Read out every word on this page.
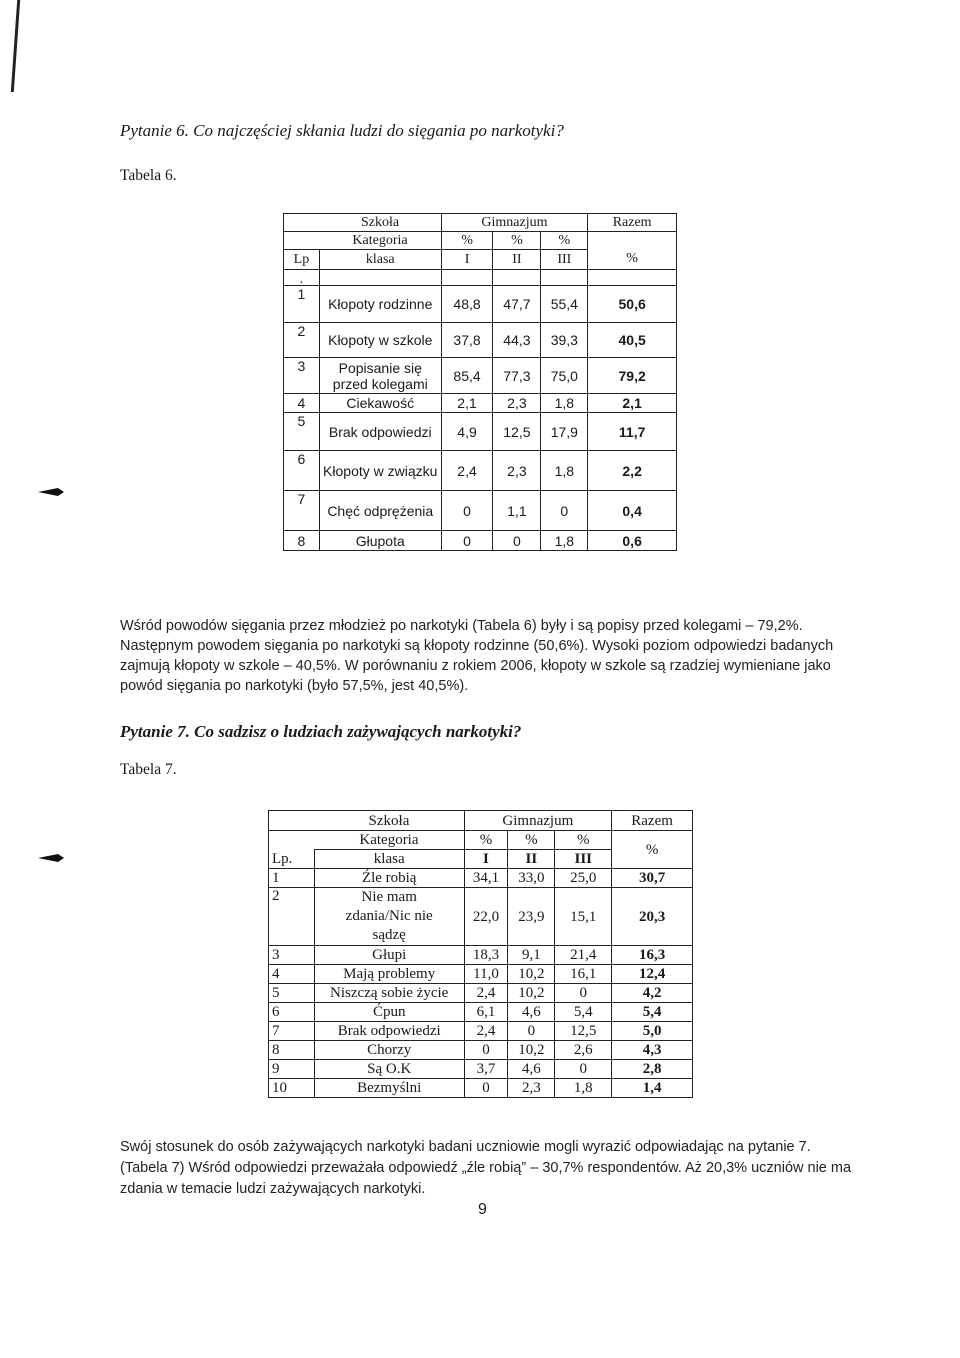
Pytanie 6. Co najczęściej skłania ludzi do sięgania po narkotyki?
Tabela 6.
	Szkoła	Gimnazjum			Razem
	Kategoria	%	%	%	
Lp	klasa	I	II	III	%
.					
1	Kłopoty rodzinne	48,8	47,7	55,4	50,6
2	Kłopoty w szkole	37,8	44,3	39,3	40,5
3	Popisanie się przed kolegami	85,4	77,3	75,0	79,2
4	Ciekawość	2,1	2,3	1,8	2,1
5	Brak odpowiedzi	4,9	12,5	17,9	11,7
6	Kłopoty w związku	2,4	2,3	1,8	2,2
7	Chęć odprężenia	0	1,1	0	0,4
8	Głupota	0	0	1,8	0,6
Wśród powodów sięgania przez młodzież po narkotyki (Tabela 6) były i są popisy przed kolegami – 79,2%. Następnym powodem sięgania po narkotyki są kłopoty rodzinne (50,6%). Wysoki poziom odpowiedzi badanych zajmują kłopoty w szkole – 40,5%. W porównaniu z rokiem 2006, kłopoty w szkole są rzadziej wymieniane jako powód sięgania po narkotyki (było 57,5%, jest 40,5%).
Pytanie 7. Co sadzisz o ludziach zażywających narkotyki?
Tabela 7.
	Szkoła	Gimnazjum			Razem
	Kategoria	%	%	%	%
Lp.	klasa	I	II	III	
1	Źle robią	34,1	33,0	25,0	30,7
2	Nie mam zdania/Nic nie sądzę	22,0	23,9	15,1	20,3
3	Głupi	18,3	9,1	21,4	16,3
4	Mają problemy	11,0	10,2	16,1	12,4
5	Niszczą sobie życie	2,4	10,2	0	4,2
6	Ćpun	6,1	4,6	5,4	5,4
7	Brak odpowiedzi	2,4	0	12,5	5,0
8	Chorzy	0	10,2	2,6	4,3
9	Są O.K	3,7	4,6	0	2,8
10	Bezmyślni	0	2,3	1,8	1,4
Swój stosunek do osób zażywających narkotyki badani uczniowie mogli wyrazić odpowiadając na pytanie 7. (Tabela 7) Wśród odpowiedzi przeważała odpowiedź „źle robią” – 30,7% respondentów. Aż 20,3% uczniów nie ma zdania w temacie ludzi zażywających narkotyki.
9
